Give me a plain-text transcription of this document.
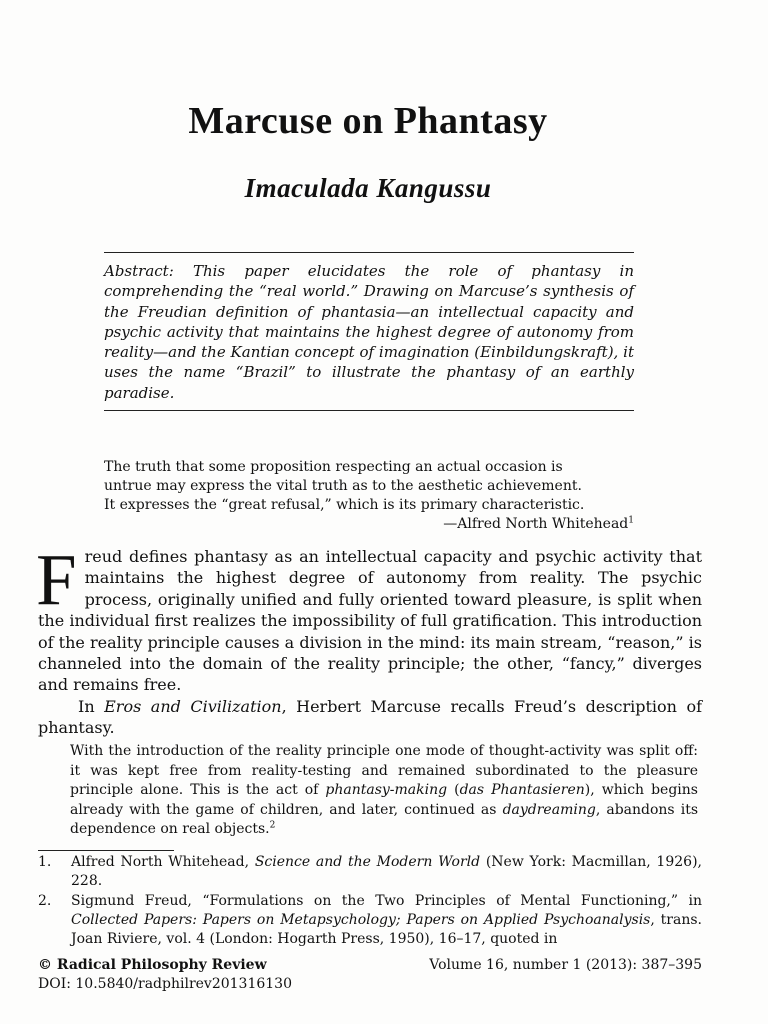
Marcuse on Phantasy
Imaculada Kangussu
Abstract: This paper elucidates the role of phantasy in comprehending the “real world.” Drawing on Marcuse’s synthesis of the Freudian definition of phantasia—an intellectual capacity and psychic activity that maintains the highest degree of autonomy from reality—and the Kantian concept of imagination (Einbildungskraft), it uses the name “Brazil” to illustrate the phantasy of an earthly paradise.
The truth that some proposition respecting an actual occasion is
untrue may express the vital truth as to the aesthetic achievement.
It expresses the “great refusal,” which is its primary characteristic.
—Alfred North Whitehead$^1$

Freud defines phantasy as an intellectual capacity and psychic activity that maintains the highest degree of autonomy from reality. The psychic process, originally unified and fully oriented toward pleasure, is split when the individual first realizes the impossibility of full gratification. This introduction of the reality principle causes a division in the mind: its main stream, “reason,” is channeled into the domain of the reality principle; the other, “fancy,” diverges and remains free.

In Eros and Civilization, Herbert Marcuse recalls Freud’s description of phantasy.

With the introduction of the reality principle one mode of thought-activity was split off: it was kept free from reality-testing and remained subordinated to the pleasure principle alone. This is the act of phantasy-making (das Phantasieren), which begins already with the game of children, and later, continued as daydreaming, abandons its dependence on real objects.$^2$
1.	Alfred North Whitehead, Science and the Modern World (New York: Macmillan, 1926), 228.
2.	Sigmund Freud, “Formulations on the Two Principles of Mental Functioning,” in Collected Papers: Papers on Metapsychology; Papers on Applied Psychoanalysis, trans. Joan Riviere, vol. 4 (London: Hogarth Press, 1950), 16–17, quoted in
© Radical Philosophy Review	Volume 16, number 1 (2013): 387–395
DOI: 10.5840/radphilrev201316130
